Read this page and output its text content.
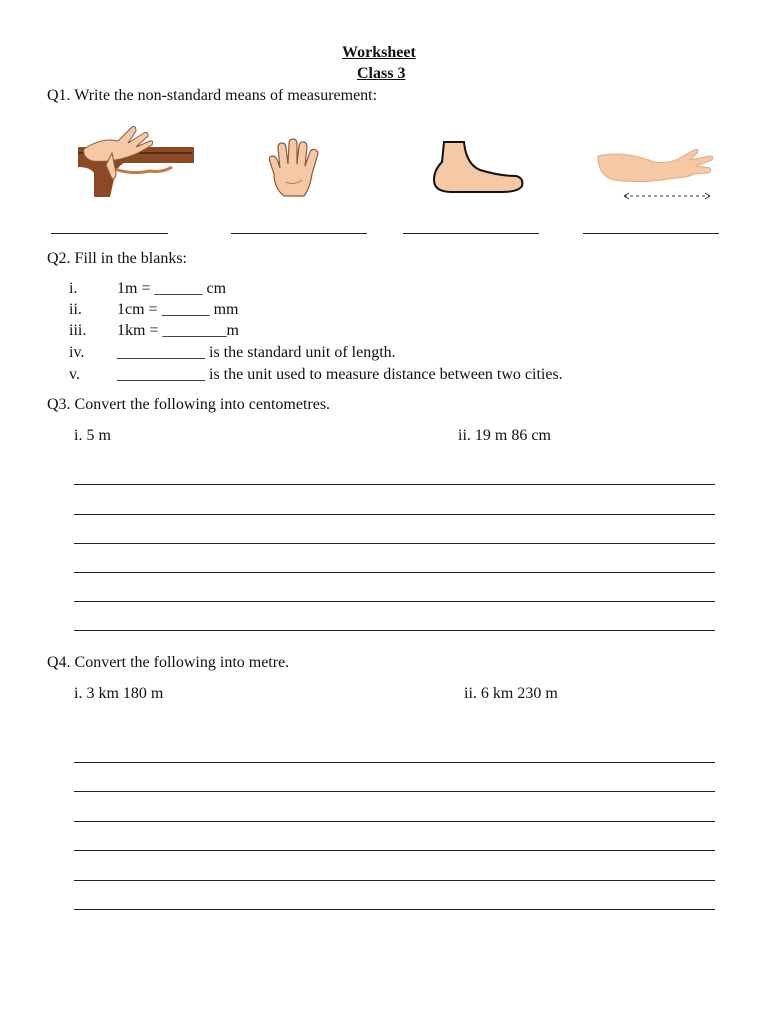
Worksheet
Class 3
Q1. Write the non-standard means of measurement:
Q2. Fill in the blanks:
i. 1m = ______ cm
ii. 1cm = ______ mm
iii. 1km = ________m
iv. ___________ is the standard unit of length.
v. ___________ is the unit used to measure distance between two cities.
Q3. Convert the following into centometres.
i. 5 m	ii. 19 m 86 cm
Q4. Convert the following into metre.
i. 3 km 180 m	ii. 6 km 230 m
